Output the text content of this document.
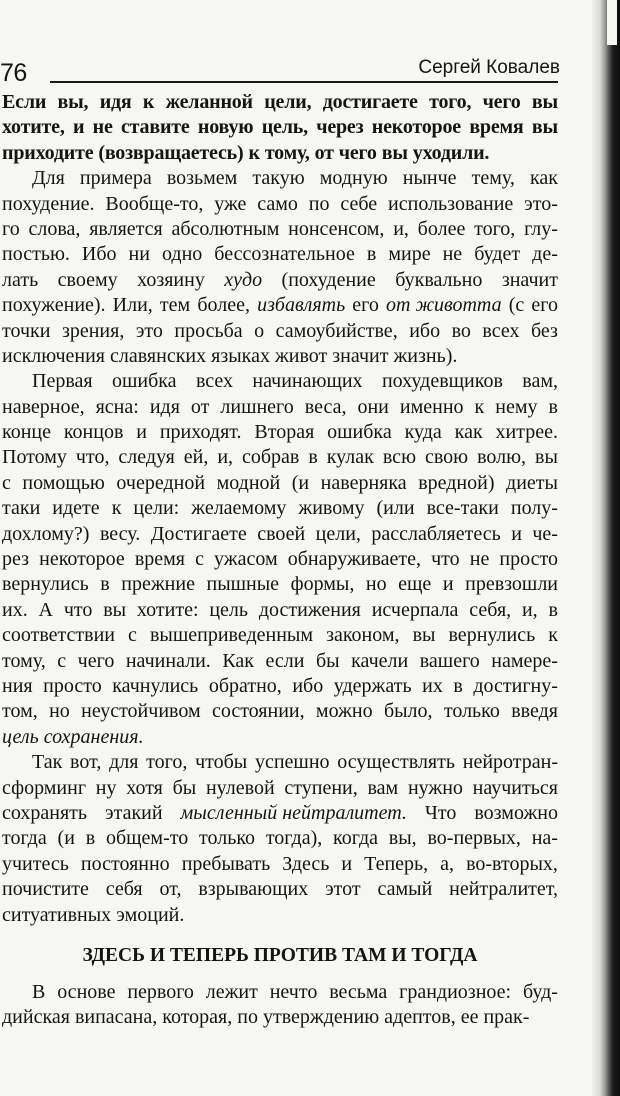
76	Сергей Ковалев
Если вы, идя к желанной цели, достигаете того, чего вы
хотите, и не ставите новую цель, через некоторое время вы
приходите (возвращаетесь) к тому, от чего вы уходили.
Для примера возьмем такую модную нынче тему, как
похудение. Вообще-то, уже само по себе использование это-
го слова, является абсолютным нонсенсом, и, более того, глу-
постью. Ибо ни одно бессознательное в мире не будет де-
лать своему хозяину худо (похудение буквально значит
похужение). Или, тем более, избавлять его от животта (с его
точки зрения, это просьба о самоубийстве, ибо во всех без
исключения славянских языках живот значит жизнь).
Первая ошибка всех начинающих похудевщиков вам,
наверное, ясна: идя от лишнего веса, они именно к нему в
конце концов и приходят. Вторая ошибка куда как хитрее.
Потому что, следуя ей, и, собрав в кулак всю свою волю, вы
с помощью очередной модной (и наверняка вредной) диеты
таки идете к цели: желаемому живому (или все-таки полу-
дохлому?) весу. Достигаете своей цели, расслабляетесь и че-
рез некоторое время с ужасом обнаруживаете, что не просто
вернулись в прежние пышные формы, но еще и превзошли
их. А что вы хотите: цель достижения исчерпала себя, и, в
соответствии с вышеприведенным законом, вы вернулись к
тому, с чего начинали. Как если бы качели вашего намере-
ния просто качнулись обратно, ибо удержать их в достигну-
том, но неустойчивом состоянии, можно было, только введя
цель сохранения.
Так вот, для того, чтобы успешно осуществлять нейротран-
сформинг ну хотя бы нулевой ступени, вам нужно научиться
сохранять этакий мысленный нейтралитет. Что возможно
тогда (и в общем-то только тогда), когда вы, во-первых, на-
учитесь постоянно пребывать Здесь и Теперь, а, во-вторых,
почистите себя от, взрывающих этот самый нейтралитет,
ситуативных эмоций.
ЗДЕСЬ И ТЕПЕРЬ ПРОТИВ ТАМ И ТОГДА
В основе первого лежит нечто весьма грандиозное: буд-
дийская випасана, которая, по утверждению адептов, ее прак-
